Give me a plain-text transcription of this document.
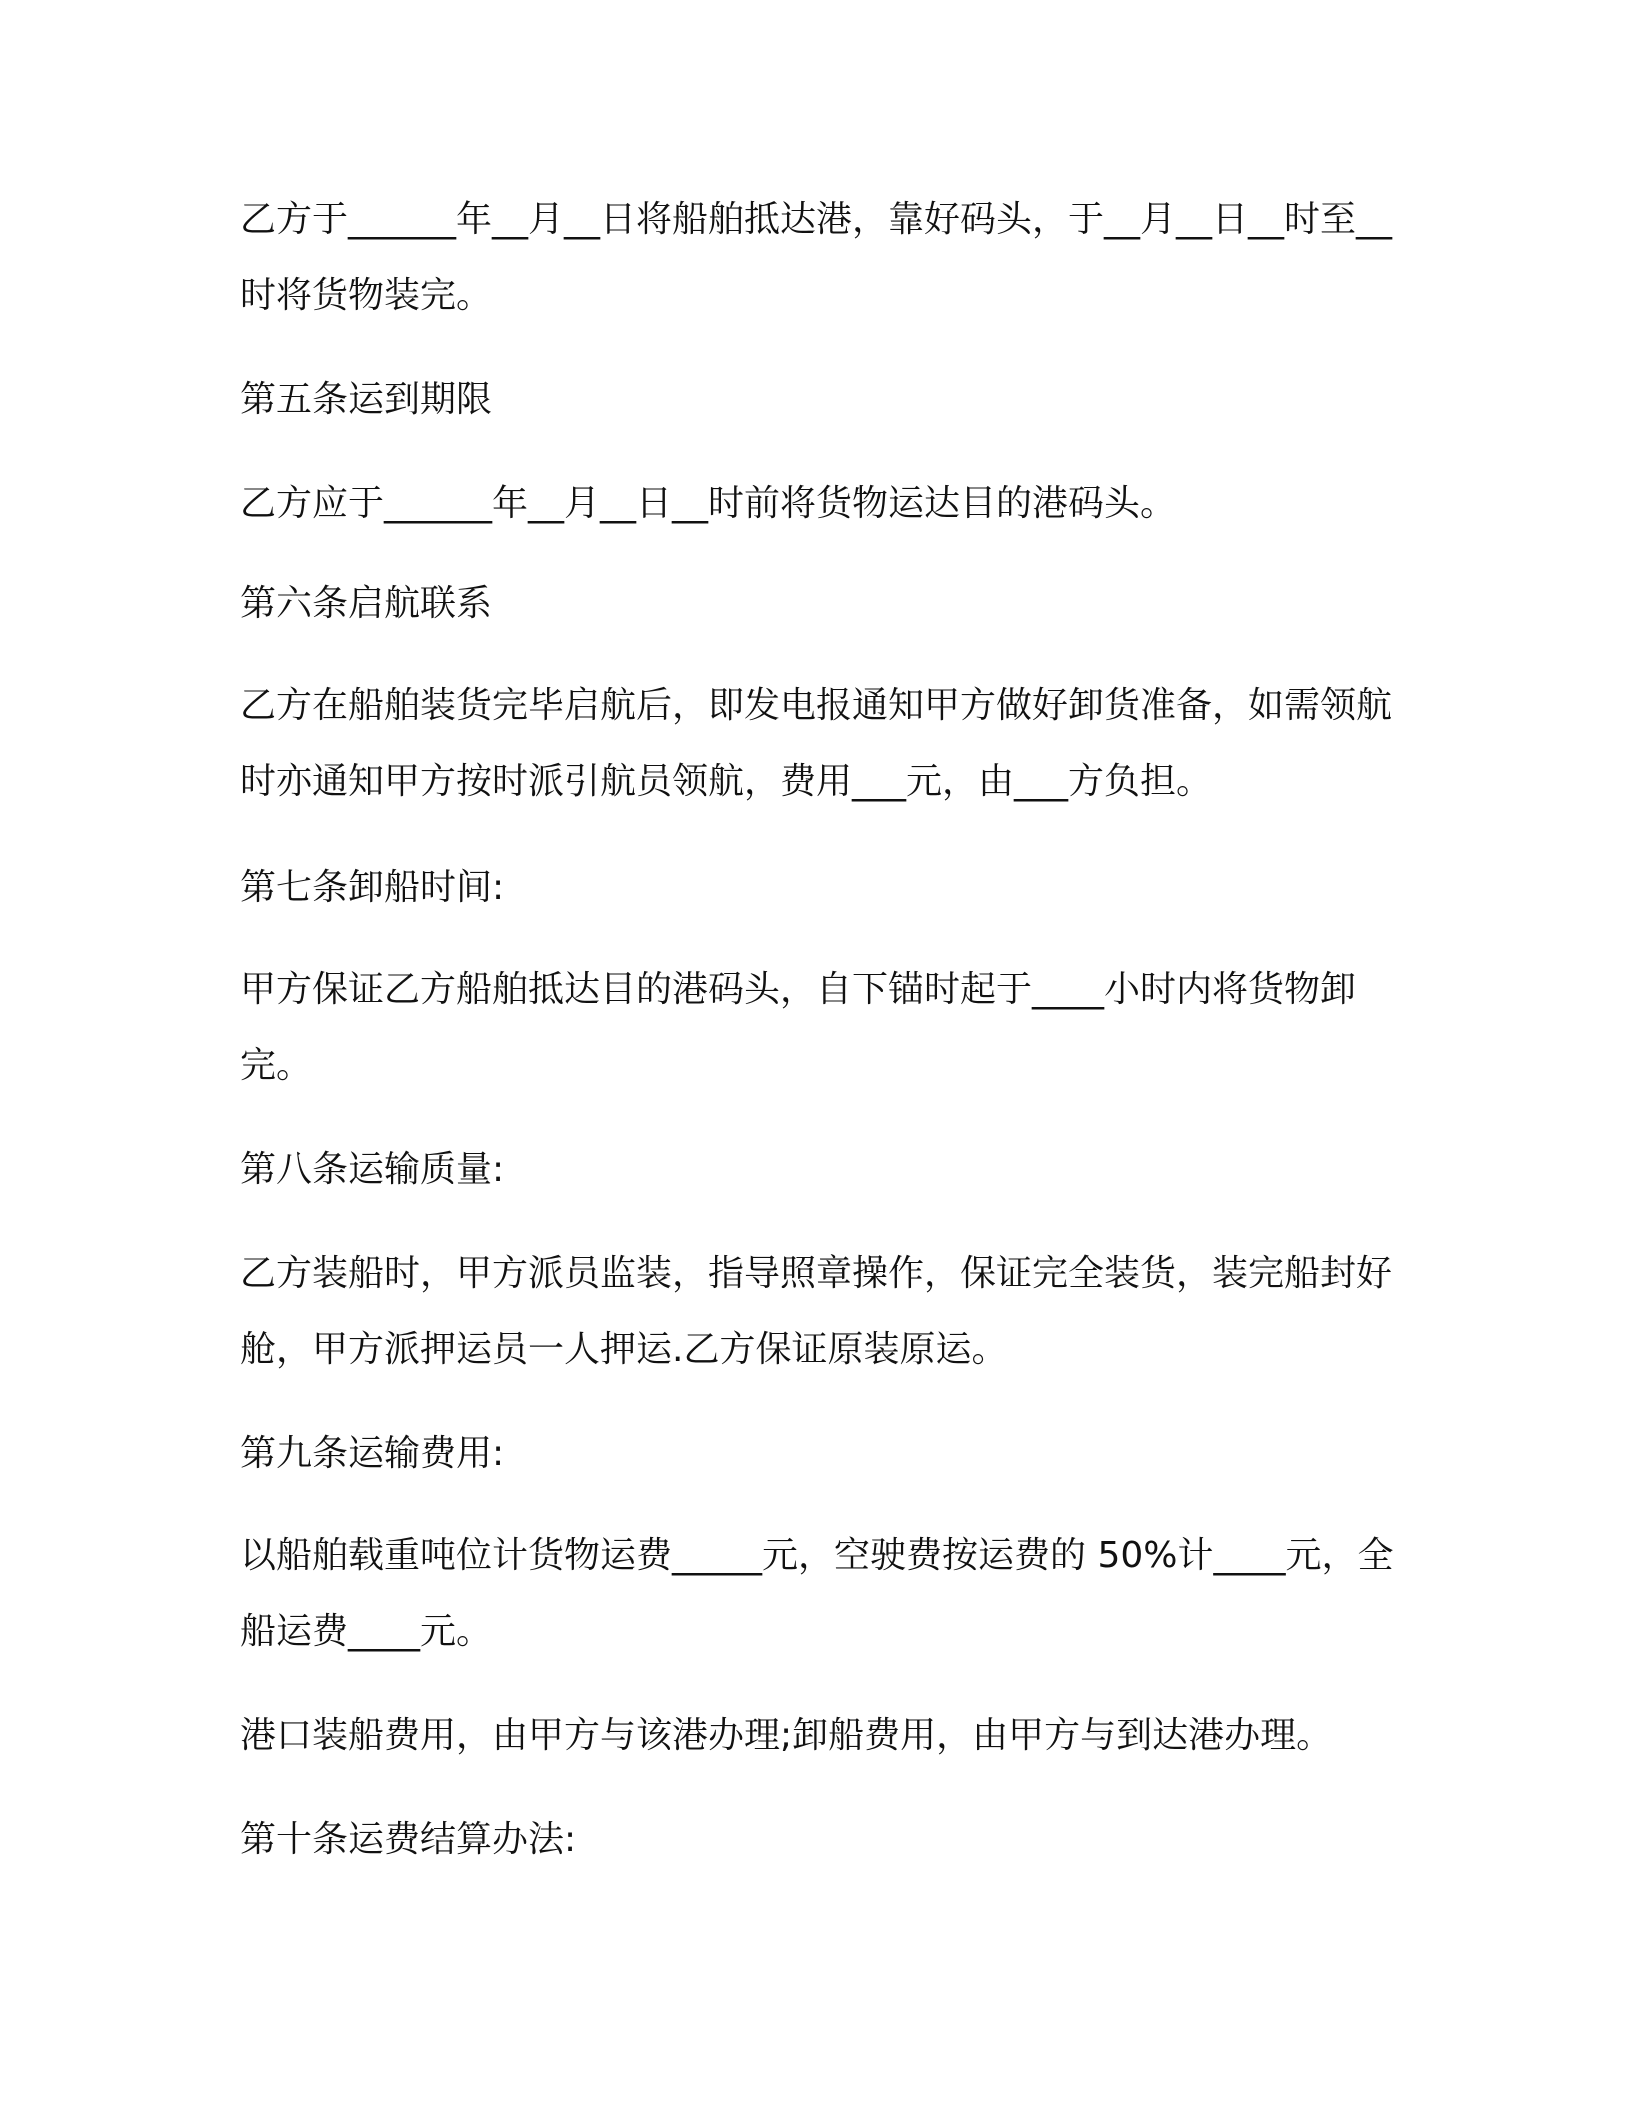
乙方于______年__月__日将船舶抵达港，靠好码头，于__月__日__时至__时将货物装完。

第五条运到期限

乙方应于______年__月__日__时前将货物运达目的港码头。

第六条启航联系

乙方在船舶装货完毕启航后，即发电报通知甲方做好卸货准备，如需领航时亦通知甲方按时派引航员领航，费用___元，由___方负担。

第七条卸船时间:

甲方保证乙方船舶抵达目的港码头，自下锚时起于____小时内将货物卸完。

第八条运输质量:

乙方装船时，甲方派员监装，指导照章操作，保证完全装货，装完船封好舱，甲方派押运员一人押运.乙方保证原装原运。

第九条运输费用:

以船舶载重吨位计货物运费_____元，空驶费按运费的 50%计____元，全船运费____元。

港口装船费用，由甲方与该港办理;卸船费用，由甲方与到达港办理。

第十条运费结算办法:
